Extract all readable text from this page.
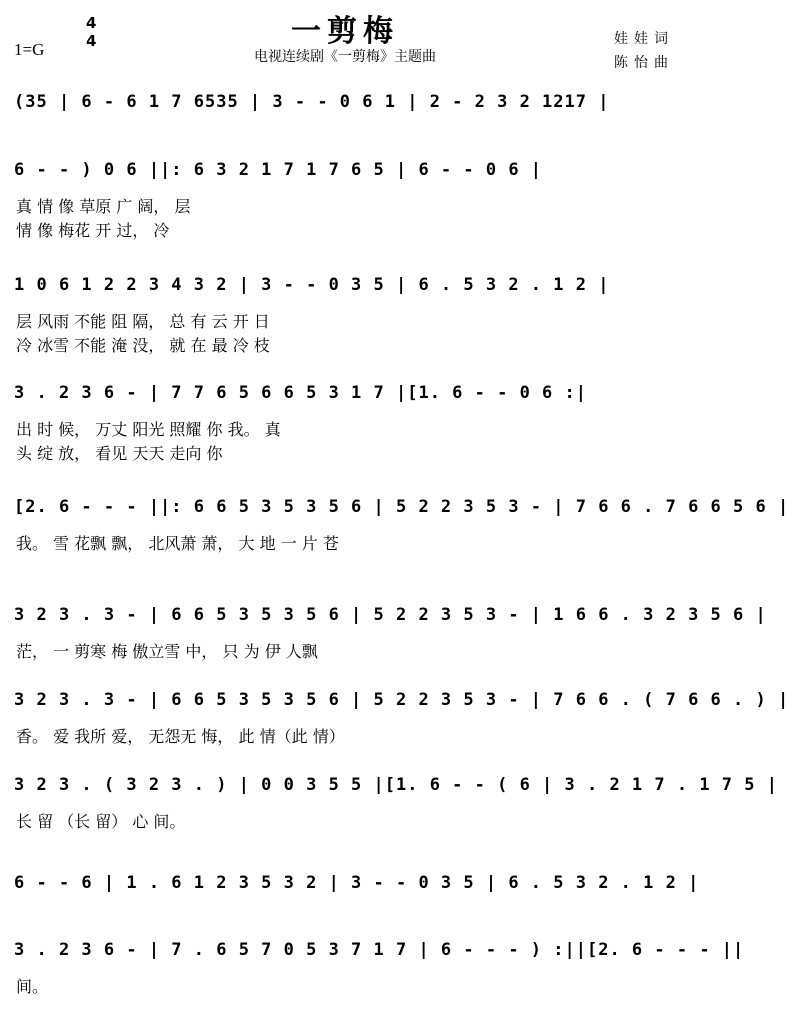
一剪梅
1=G
4
4
电视连续剧《一剪梅》主题曲
娃娃词
陈怡曲
(35 | 6 - 6 1 7 6535 | 3 - - 0 6 1 | 2 - 2 3 2 1217 |
6 - - ) 0 6 ||: 6 3 2 1 7 1 7 6 5 | 6 - - 0 6 |
真 情 像 草原 广 阔， 层
情 像 梅花 开 过， 冷
1 0 6 1 2 2 3 4 3 2 | 3 - - 0 3 5 | 6 . 5 3 2 . 1 2 |
层 风雨 不能 阻 隔， 总 有 云 开 日
冷 冰雪 不能 淹 没， 就 在 最 冷 枝
3 . 2 3 6 - | 7 7 6 5 6 6 5 3 1 7 |[1. 6 - - 0 6 :|
出 时 候， 万丈 阳光 照耀 你 我。 真
头 绽 放， 看见 天天 走向 你
[2. 6 - - - ||: 6 6 5 3 5 3 5 6 | 5 2 2 3 5 3 - | 7 6 6 . 7 6 6 5 6 |
我。 雪 花飘 飘， 北风萧 萧， 大 地 一 片 苍
3 2 3 . 3 - | 6 6 5 3 5 3 5 6 | 5 2 2 3 5 3 - | 1 6 6 . 3 2 3 5 6 |
茫， 一 剪寒 梅 傲立雪 中， 只 为 伊 人飘
3 2 3 . 3 - | 6 6 5 3 5 3 5 6 | 5 2 2 3 5 3 - | 7 6 6 . ( 7 6 6 . ) |
香。 爱 我所 爱， 无怨无 悔， 此 情（此 情）
3 2 3 . ( 3 2 3 . ) | 0 0 3 5 5 |[1. 6 - - ( 6 | 3 . 2 1 7 . 1 7 5 |
长 留 （长 留） 心 间。
6 - - 6 | 1 . 6 1 2 3 5 3 2 | 3 - - 0 3 5 | 6 . 5 3 2 . 1 2 |
3 . 2 3 6 - | 7 . 6 5 7 0 5 3 7 1 7 | 6 - - - ) :||[2. 6 - - - ||
间。
